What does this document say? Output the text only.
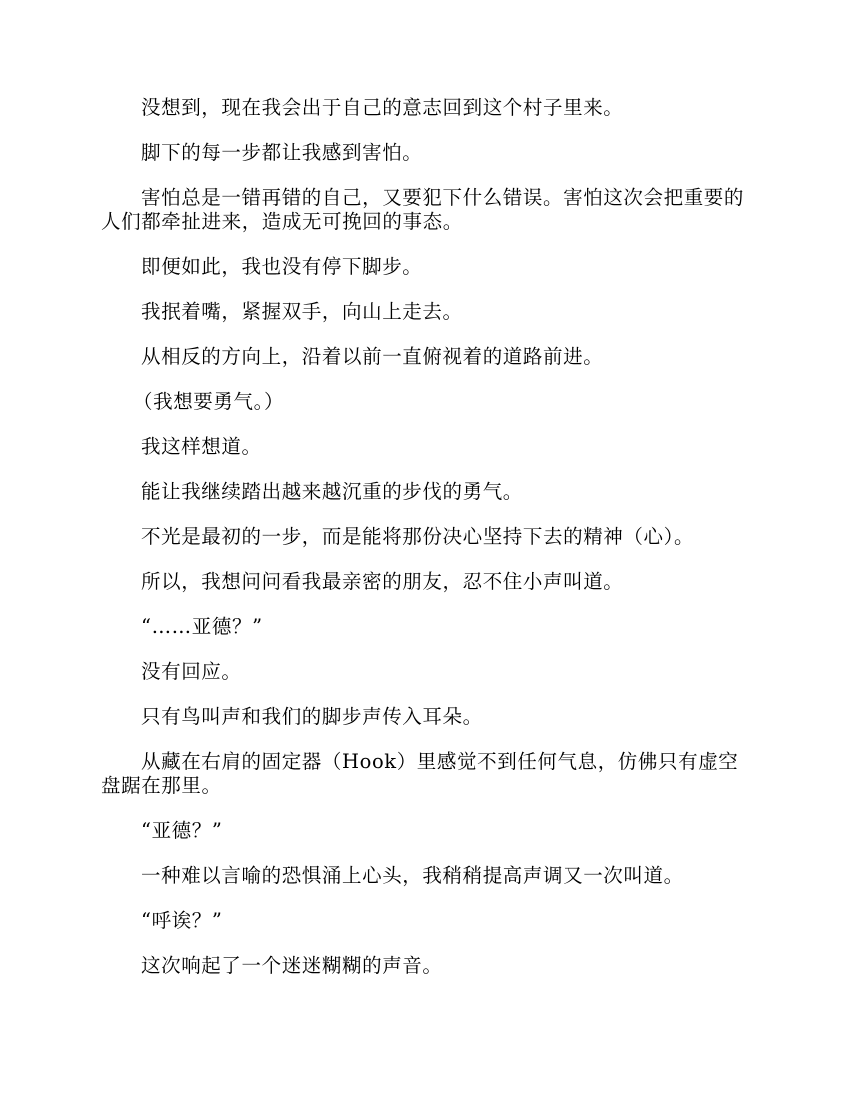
没想到，现在我会出于自己的意志回到这个村子里来。

脚下的每一步都让我感到害怕。

害怕总是一错再错的自己，又要犯下什么错误。害怕这次会把重要的人们都牵扯进来，造成无可挽回的事态。

即便如此，我也没有停下脚步。

我抿着嘴，紧握双手，向山上走去。

从相反的方向上，沿着以前一直俯视着的道路前进。

（我想要勇气。）

我这样想道。

能让我继续踏出越来越沉重的步伐的勇气。

不光是最初的一步，而是能将那份决心坚持下去的精神（心）。

所以，我想问问看我最亲密的朋友，忍不住小声叫道。

“……亚德？”

没有回应。

只有鸟叫声和我们的脚步声传入耳朵。

从藏在右肩的固定器（Hook）里感觉不到任何气息，仿佛只有虚空盘踞在那里。

“亚德？”

一种难以言喻的恐惧涌上心头，我稍稍提高声调又一次叫道。

“呼诶？”

这次响起了一个迷迷糊糊的声音。
